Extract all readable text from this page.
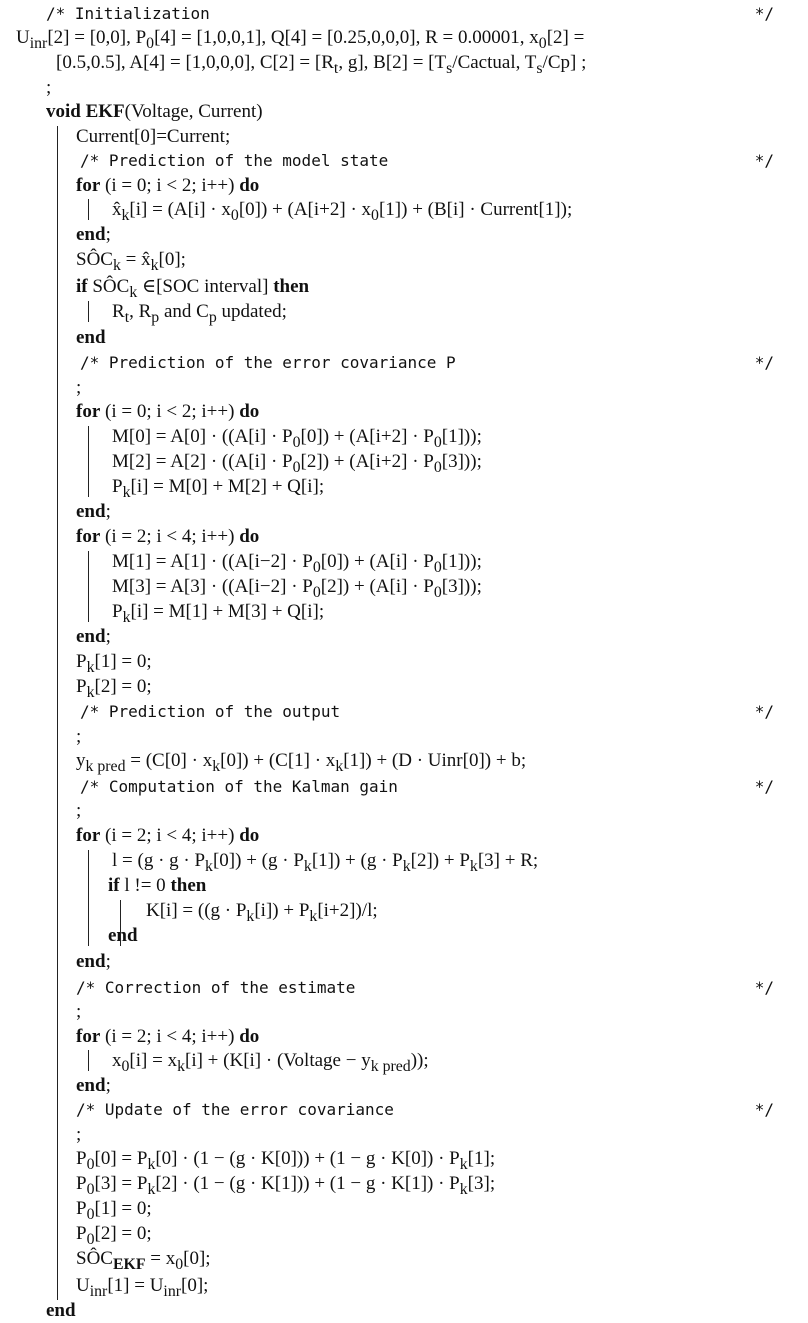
/* Initialization	*/
$U_{inr}[2] = [0,0]$, $P_0[4] = [1,0,0,1]$, Q[4] = [0.25,0,0,0], R = 0.00001, $x_0[2]$ =
[0.5,0.5], A[4] = [1,0,0,0], $C[2] = [R_t$, g], $B[2] = [T_s$/Cactual, $T_s/Cp$] ;
;
void EKF(Voltage, Current)
Current[0]=Current;
/* Prediction of the model state	*/
for (i = 0; i < 2; i++) do
$x̂_k[i] = (A[i] \cdot x_0[0]) + (A[i+2] \cdot x_0[1]) + (B[i]$ · Current[1]);
end;
$SÔC_k$ = $x̂_k[0]$;
if $SÔC_k$ ∈[SOC interval] then
$R_t$, $R_p$ and $C_p$ updated;
end
/* Prediction of the error covariance P	*/
;
for (i = 0; i < 2; i++) do
$M[0] = A[0] \cdot ((A[i] \cdot P_0[0]) + (A[i+2] \cdot P_0[1]))$;
$M[2] = A[2] \cdot ((A[i] \cdot P_0[2]) + (A[i+2] \cdot P_0[3]))$;
$P_k[i] = M[0] + M[2] + Q[i]$;
end;
for (i = 2; i < 4; i++) do
$M[1] = A[1] \cdot ((A[i-2] \cdot P_0[0]) + (A[i] \cdot P_0[1]))$;
$M[3] = A[3] \cdot ((A[i-2] \cdot P_0[2]) + (A[i] \cdot P_0[3]))$;
$P_k[i] = M[1] + M[3] + Q[i]$;
end;
$P_k[1] = 0$;
$P_k[2] = 0$;
/* Prediction of the output	*/
;
$y_{k pred} = (C[0] \cdot x_k[0]) + (C[1] \cdot x_k[1]) + (D$ · Uinr[0]) + b;
/* Computation of the Kalman gain	*/
;
for (i = 2; i < 4; i++) do
$l = (g \cdot g \cdot P_k[0]) + (g \cdot P_k[1]) + (g \cdot P_k[2]) + P_k[3] + R$;
if l != 0 then
$K[i] = ((g \cdot P_k[i]) + P_k[i+2])/l$;
end
end;
/* Correction of the estimate	*/
;
for (i = 2; i < 4; i++) do
$x_0[i] = x_k[i] + (K[i]$ · (Voltage − $y_{k pred}$));
end;
/* Update of the error covariance	*/
;
$P_0[0] = P_k[0] \cdot (1 - (g \cdot K[0])) + (1 - g \cdot K[0]) \cdot P_k[1]$;
$P_0[3] = P_k[2] \cdot (1 - (g \cdot K[1])) + (1 - g \cdot K[1]) \cdot P_k[3]$;
$P_0[1] = 0$;
$P_0[2] = 0$;
$SÔC_{EKF} = x_0[0]$;
$U_{inr}[1] = U_{inr}[0]$;
end
